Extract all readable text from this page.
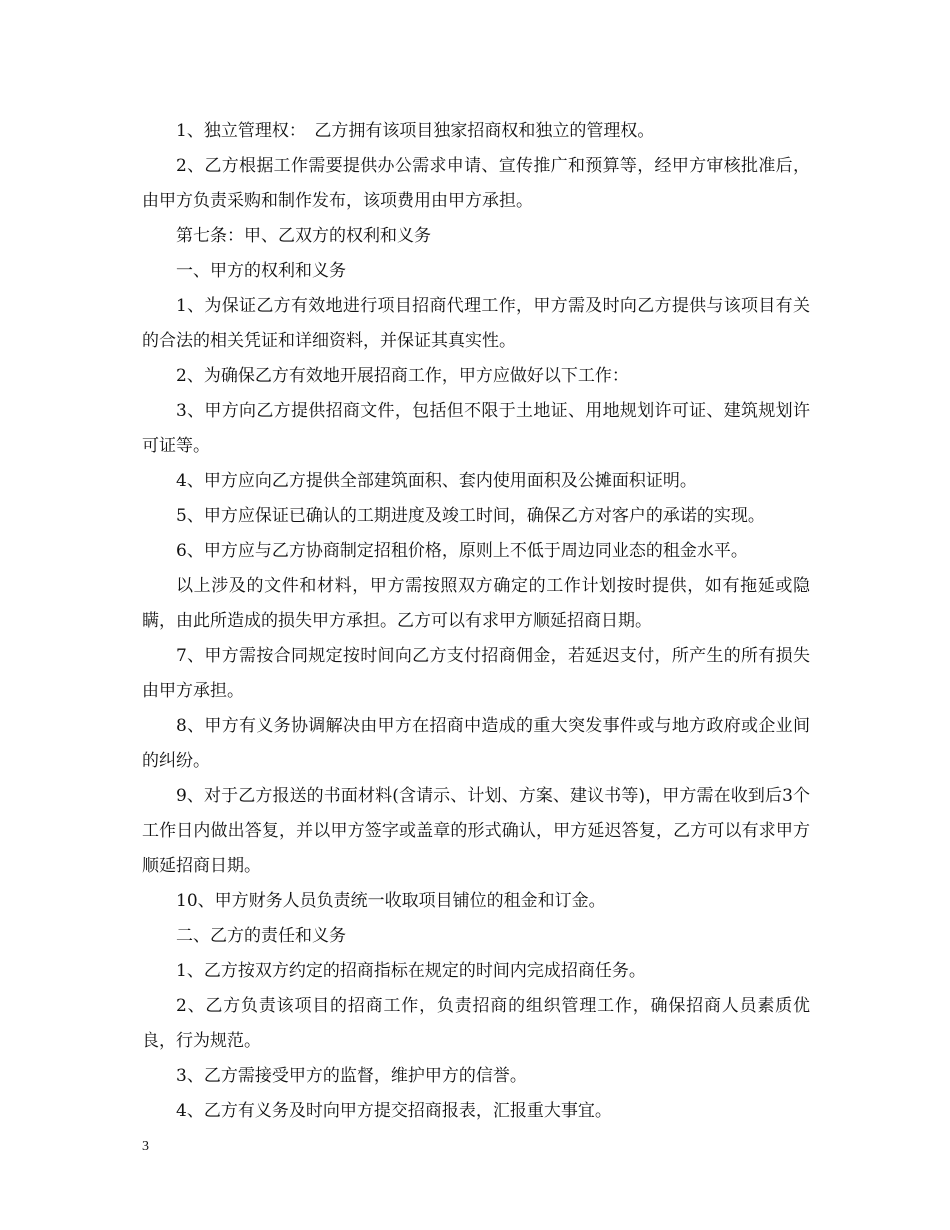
1、独立管理权：　乙方拥有该项目独家招商权和独立的管理权。

2、乙方根据工作需要提供办公需求申请、宣传推广和预算等，经甲方审核批准后，由甲方负责采购和制作发布，该项费用由甲方承担。

第七条：甲、乙双方的权利和义务

一、甲方的权利和义务

1、为保证乙方有效地进行项目招商代理工作，甲方需及时向乙方提供与该项目有关的合法的相关凭证和详细资料，并保证其真实性。

2、为确保乙方有效地开展招商工作，甲方应做好以下工作：

3、甲方向乙方提供招商文件，包括但不限于土地证、用地规划许可证、建筑规划许可证等。

4、甲方应向乙方提供全部建筑面积、套内使用面积及公摊面积证明。

5、甲方应保证已确认的工期进度及竣工时间，确保乙方对客户的承诺的实现。

6、甲方应与乙方协商制定招租价格，原则上不低于周边同业态的租金水平。

以上涉及的文件和材料，甲方需按照双方确定的工作计划按时提供，如有拖延或隐瞒，由此所造成的损失甲方承担。乙方可以有求甲方顺延招商日期。

7、甲方需按合同规定按时间向乙方支付招商佣金，若延迟支付，所产生的所有损失由甲方承担。

8、甲方有义务协调解决由甲方在招商中造成的重大突发事件或与地方政府或企业间的纠纷。

9、对于乙方报送的书面材料(含请示、计划、方案、建议书等)，甲方需在收到后3个工作日内做出答复，并以甲方签字或盖章的形式确认，甲方延迟答复，乙方可以有求甲方顺延招商日期。

10、甲方财务人员负责统一收取项目铺位的租金和订金。

二、乙方的责任和义务

1、乙方按双方约定的招商指标在规定的时间内完成招商任务。

2、乙方负责该项目的招商工作，负责招商的组织管理工作，确保招商人员素质优良，行为规范。

3、乙方需接受甲方的监督，维护甲方的信誉。

4、乙方有义务及时向甲方提交招商报表，汇报重大事宜。

3
